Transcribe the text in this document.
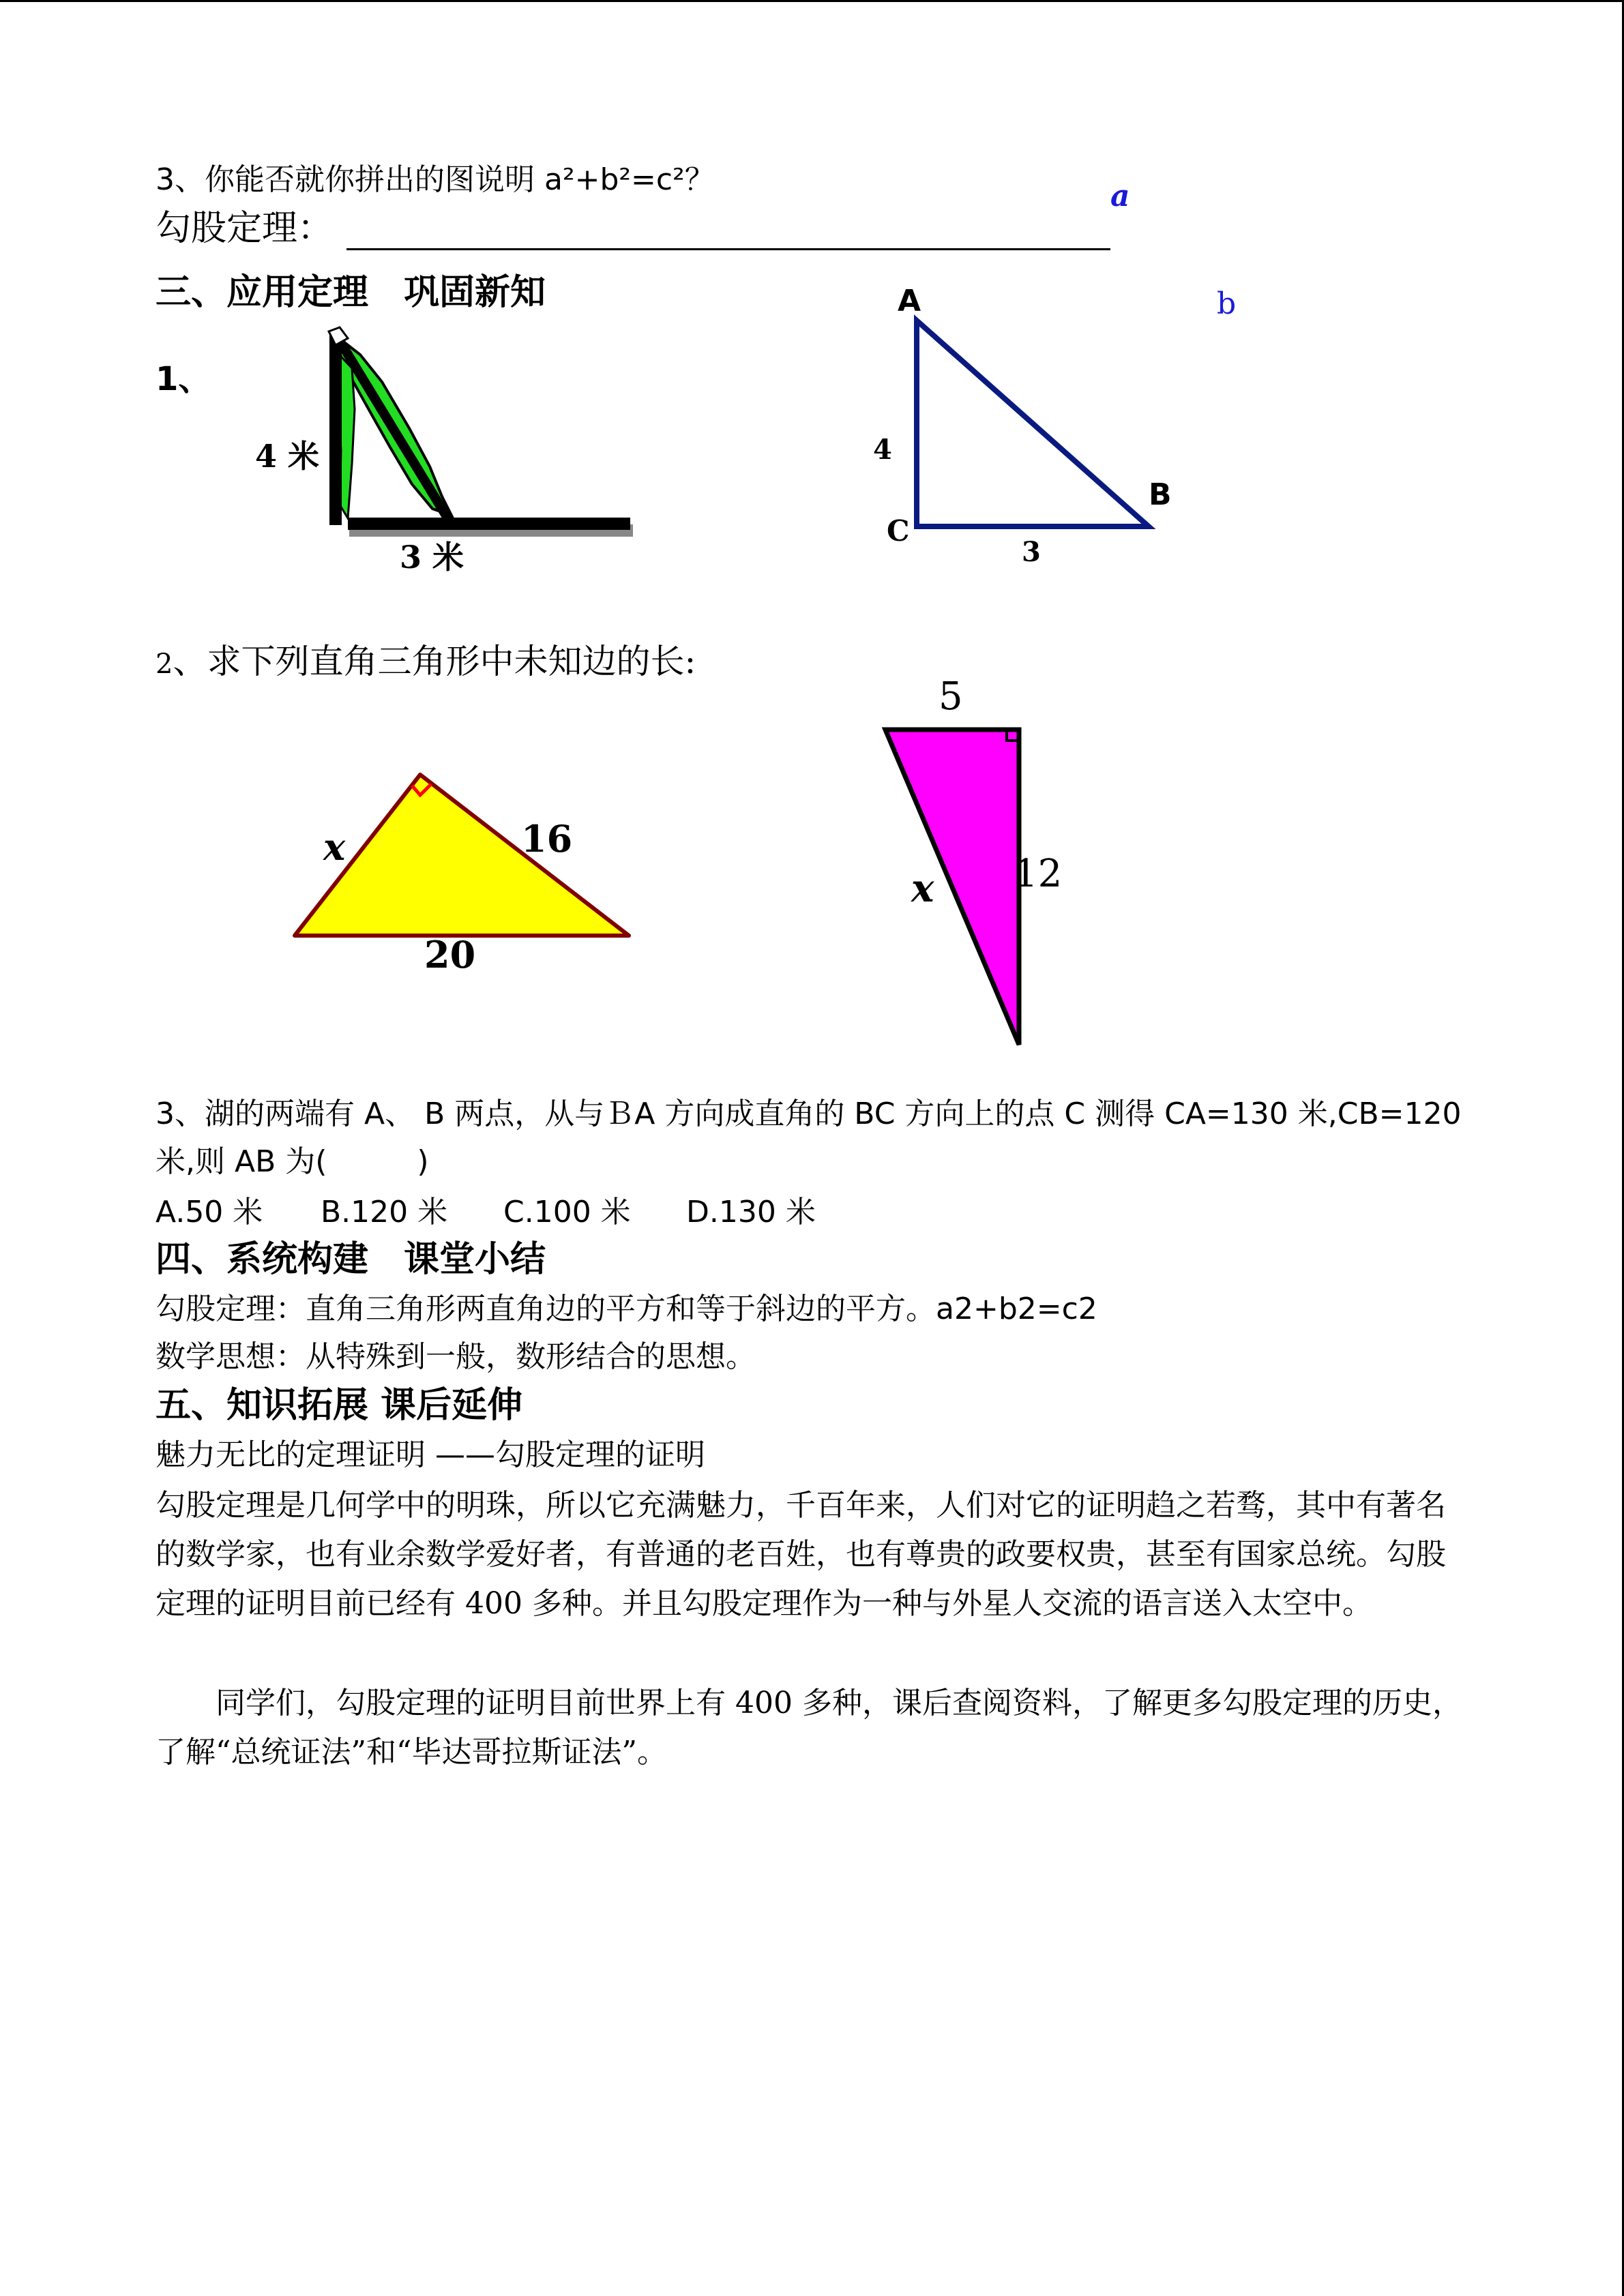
3、你能否就你拼出的图说明 a²+b²=c²？
勾股定理：
a
b
三、应用定理　巩固新知
1、
4 米
3 米
A
B
C
4
3
2、求下列直角三角形中未知边的长:
x	16
20
5
12
x
3、湖的两端有 A、 B 两点，从与ＢA 方向成直角的 BC 方向上的点 C 测得 CA=130 米,CB=120
米,则 AB 为(　　　)
A.50 米 B.120 米 C.100 米 D.130 米
四、系统构建　课堂小结
勾股定理：直角三角形两直角边的平方和等于斜边的平方。a2+b2=c2
数学思想：从特殊到一般，数形结合的思想。
五、知识拓展 课后延伸
魅力无比的定理证明 ——勾股定理的证明
勾股定理是几何学中的明珠，所以它充满魅力，千百年来，人们对它的证明趋之若骛，其中有著名的数学家，也有业余数学爱好者，有普通的老百姓，也有尊贵的政要权贵，甚至有国家总统。勾股定理的证明目前已经有 400 多种。并且勾股定理作为一种与外星人交流的语言送入太空中。
　　同学们，勾股定理的证明目前世界上有 400 多种，课后查阅资料，了解更多勾股定理的历史，了解“总统证法”和“毕达哥拉斯证法”。
